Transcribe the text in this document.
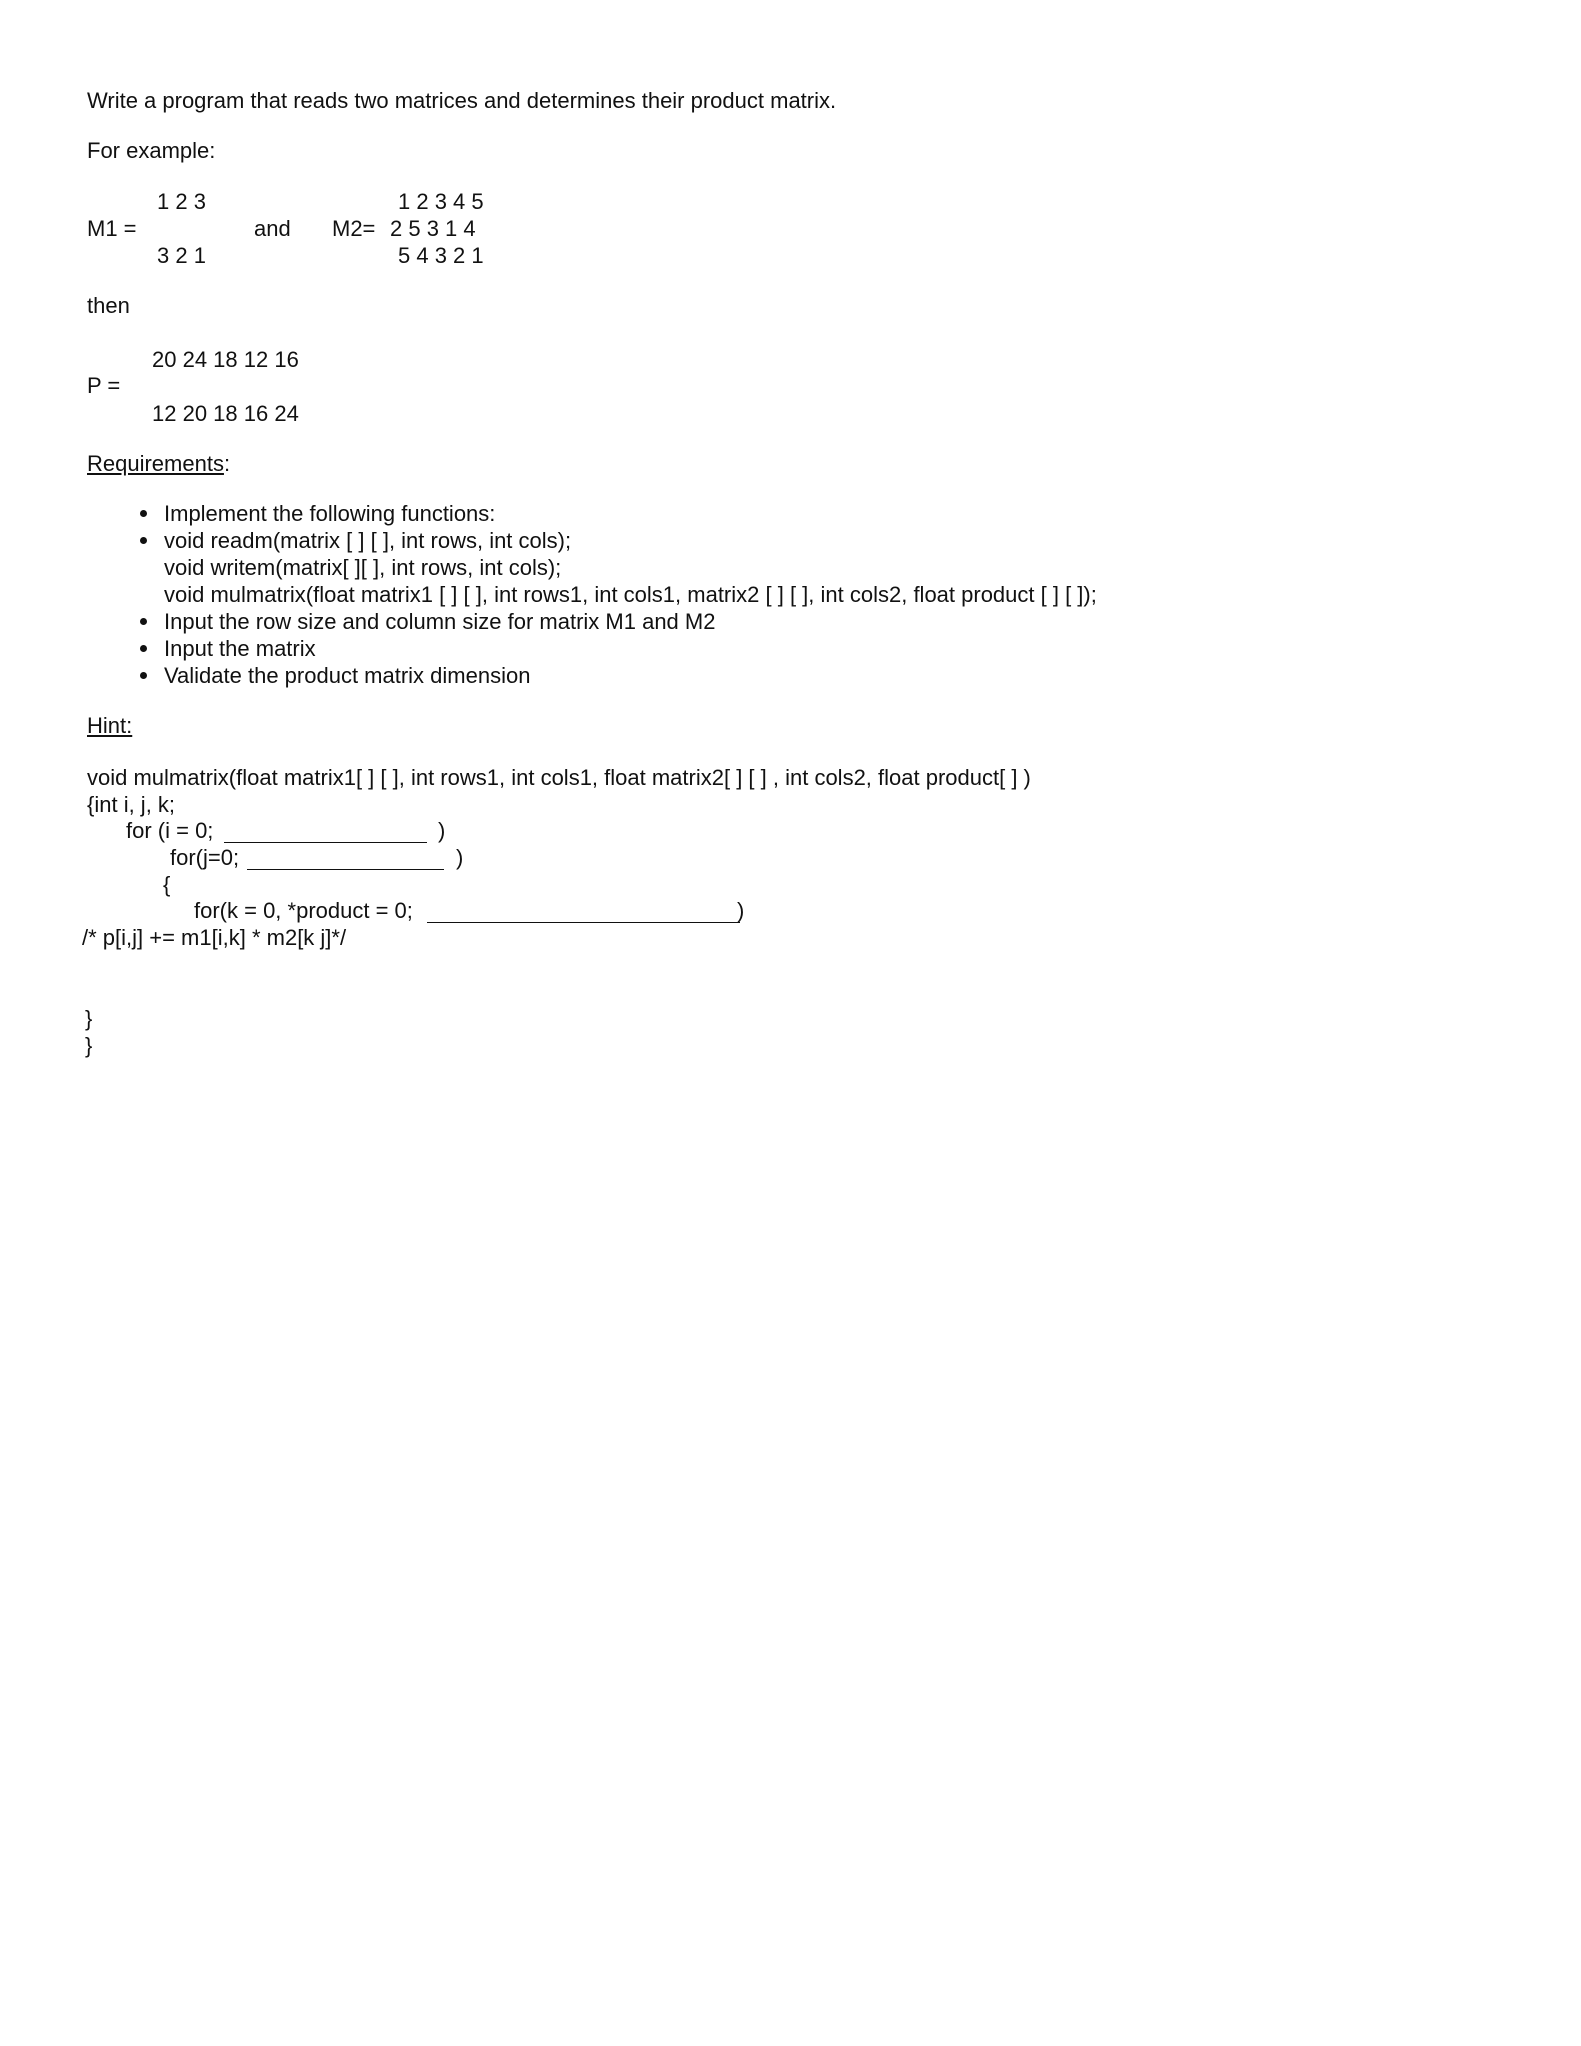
Write a program that reads two matrices and determines their product matrix.
For example:
1 2 3
M1 =
3 2 1
and
1 2 3 4 5
M2= 2 5 3 1 4
5 4 3 2 1
then
20 24 18 12 16
P =
12 20 18 16 24
Requirements:
Implement the following functions:
void readm(matrix [ ] [ ], int rows, int cols);
void writem(matrix[ ][ ], int rows, int cols);
void mulmatrix(float matrix1 [ ] [ ], int rows1, int cols1, matrix2 [ ] [ ], int cols2, float product [ ] [ ]);
Input the row size and column size for matrix M1 and M2
Input the matrix
Validate the product matrix dimension
Hint:
void mulmatrix(float matrix1[ ] [ ], int rows1, int cols1, float matrix2[ ] [ ] , int cols2, float product[ ] )
{int i, j, k;
for (i = 0;	)
for(j=0;	)
{
for(k = 0, *product = 0;	)
/* p[i,j] += m1[i,k] * m2[k j]*/
}
}
